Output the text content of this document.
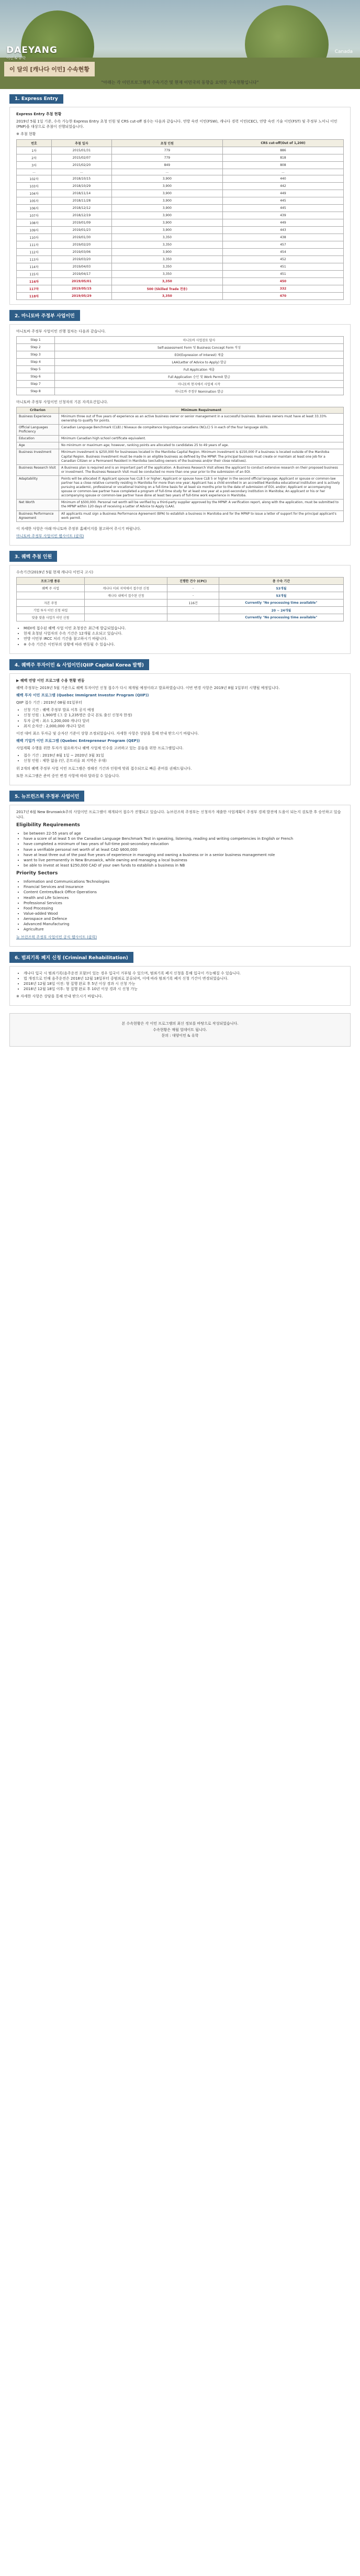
DAEYANG
이민 & 유학
Canada
이 달의 [캐나다 이민] 수속현황
"아래는 각 이민프로그램의 수속기간 및 현재 이민국의 동향을 요약한 수속현황입니다"
1. Express Entry

Express Entry 추첨 현황

2019년 5월 1일 기준, 수속 가능한 Express Entry 초청 인원 및 CRS cut-off 점수는 다음과 같습니다. 연방 숙련 이민(FSW), 캐나다 경력 이민(CEC), 연방 숙련 기술 이민(FST) 및 주정부 노미니 이민(PNP)을 대상으로 추첨이 진행되었습니다.

※ 추첨 현황

번호	추첨 일자	초청 인원	CRS cut-off(Out of 1,200)
1차	2015/01/31	779	886
2차	2015/02/07	779	818
3차	2015/02/20	849	808
...	...	...	...
102차	2018/10/15	3,900	440
103차	2018/10/29	3,900	442
104차	2018/11/14	3,900	449
105차	2018/11/28	3,900	445
106차	2018/12/12	3,900	445
107차	2018/12/19	3,900	439
108차	2019/01/09	3,900	449
109차	2019/01/23	3,900	443
110차	2019/01/30	3,350	438
111차	2019/02/20	3,350	457
112차	2019/03/06	3,900	454
113차	2019/03/20	3,350	452
114차	2019/04/03	3,350	451
115차	2019/04/17	3,350	451
116차	2019/05/01	3,350	450
117차	2019/05/15	500 (Skilled Trade 전용)	332
118차	2019/05/29	3,350	470
2. 마니토바 주정부 사업이민

마니토바 주정부 사업이민 진행 절차는 다음과 같습니다.

Step 1	마니토바 사업검토 답사
Step 2	Self-assessment Form 및 Business Concept Form 작성
Step 3	EOI(Expression of Interest) 제출
Step 4	LAA(Letter of Advice to Apply) 발급
Step 5	Full Application 제출
Step 6	Full Application 승인 및 Work Permit 발급
Step 7	마니토바 현지에서 사업체 시작
Step 8	마니토바 주정부 Nomination 발급

마니토바 주정부 사업이민 신청자의 기본 자격요건입니다.

Criterion	Minimum Requirement
Business Experience	Minimum three out of five years of experience as an active business owner or senior management in a successful business. Business owners must have at least 33.33% ownership to qualify for points.
Official Languages Proficiency	Canadian Language Benchmark (CLB) / Niveaux de compétence linguistique canadiens (NCLC) 5 in each of the four language skills.
Education	Minimum Canadian high school certificate equivalent.
Age	No minimum or maximum age; however, ranking points are allocated to candidates 25 to 49 years of age.
Business Investment	Minimum investment is $250,000 for businesses located in the Manitoba Capital Region. Minimum investment is $150,000 if a business is located outside of the Manitoba Capital Region. Business investment must be made in an eligible business as defined by the MPNP. The principal business must create or maintain at least one job for a Canadian Citizen or a Permanent Resident in Manitoba (excluding owners of the business and/or their close relatives).
Business Research Visit	A Business plan is required and is an important part of the application. A Business Research Visit allows the applicant to conduct extensive research on their proposed business or investment. The Business Research Visit must be conducted no more than one year prior to the submission of an EOI.
Adaptability	Points will be allocated if: Applicant spouse has CLB 5 or higher; Applicant or spouse have CLB 5 or higher in the second official language; Applicant or spouse or common-law partner has a close relative currently residing in Manitoba for more than one year; Applicant has a child enrolled in an accredited Manitoba educational institution and is actively pursuing academic, professional or vocational training on a full-time basis for at least six months prior to the date of submission of EOI, and/or; Applicant or accompanying spouse or common-law partner have completed a program of full-time study for at least one year at a post-secondary institution in Manitoba; An applicant or his or her accompanying spouse or common-law partner have done at least two years of full-time work experience in Manitoba.
Net Worth	Minimum of $500,000. Personal net worth will be verified by a third-party supplier approved by the MPNP. A verification report, along with the application, must be submitted to the MPNP within 120 days of receiving a Letter of Advice to Apply (LAA).
Business Performance Agreement	All applicants must sign a Business Performance Agreement (BPA) to establish a business in Manitoba and for the MPNP to issue a letter of support for the principal applicant's work permit.

이 자세한 사항은 아래 마니토바 주정부 홈페이지를 참고하여 주시기 바랍니다.

마니토바 주정부 사업이민 웹사이트 (클릭)

3. 퀘벡 추첨 인원

수속기간(2019년 5월 현재 캐나다 이민국 고시)

프로그램 종류		진행한 건수 (CPC)	총 수속 기간
퀘벡 주 사업	캐나다 이외 지역에서 접수된 신청	-	53개월
	캐나다 내에서 접수된 신청	-	53개월
자본 주정		116건	Currently "No processing time available"
기업 투자 이민 신청 파일			20 ~ 24개월
맞춤 맞춤 사업가 이민 신청			Currently "No processing time available"
• MIDI에 접수된 퀘벡 사업 이민 초청장은 최근에 발급되었습니다.
• 현재 초청된 사업자의 수속 기간은 12개월 소요되고 있습니다.
• 연방 이민부 IRCC 처리 기간을 참고하시기 바랍니다.
• ※ 수속 기간은 이민부의 상황에 따라 변동될 수 있습니다.
4. 퀘벡주 투자이민 & 사업이민(QIIP Capital Korea 발행)

▶ 퀘벡 연방 이민 프로그램 수용 현황 변동

퀘벡 주정부는 2019년 5월 기준으로 퀘벡 투자이민 신청 접수가 다시 재개될 예정이라고 발표하였습니다. 이번 변경 사항은 2019년 8월 1일부터 시행될 예정입니다.

퀘벡 투자 이민 프로그램 (Quebec Immigrant Investor Program (QIIP))

QIIP 접수 기간 : 2019년 08월 01일부터

• 신청 기간 : 퀘벡 주정부 발표 이후 공지 예정
• 신청 인원 : 1,900명 (그 중 1,235명은 중국 본토 출신 신청자 한정)
• 투자 금액 : 최소 1,200,000 캐나다 달러
• 최저 순자산 : 2,000,000 캐나다 달러

이전 대비 최소 투자금 및 순자산 기준이 상향 조정되었습니다. 자세한 사항은 상담을 통해 안내 받으시기 바랍니다.

퀘벡 기업가 이민 프로그램 (Quebec Entrepreneur Program (QEP))

사업계획 수행을 위한 투자가 필요하거나 퀘벡 사업체 인수를 고려하고 있는 분들을 위한 프로그램입니다.

• 접수 기간 : 2019년 8월 1일 ~ 2020년 3월 31일
• 신청 인원 : 제한 없음 (단, 몬트리올 외 지역은 우대)

위 2개의 퀘벡 주정부 사업 이민 프로그램은 정해진 기간과 인원에 맞춰 접수되므로 빠른 준비를 권해드립니다.

또한 프로그램은 준비 중인 변경 사항에 따라 달라질 수 있습니다.

5. 뉴브런즈윅 주정부 사업이민

2017년 6월 New Brunswick주의 사업이민 프로그램이 재개되어 접수가 진행되고 있습니다. 뉴브런즈윅 주정부는 신청자가 제출한 사업계획이 주정부 경제 발전에 도움이 되는지 검토한 후 승인하고 있습니다.

Eligibility Requirements

• be between 22-55 years of age
• have a score of at least 5 on the Canadian Language Benchmark Test in speaking, listening, reading and writing competencies in English or French
• have completed a minimum of two years of full-time post-secondary education
• have a verifiable personal net worth of at least CAD $600,000
• have at least three out of the past five years of experience in managing and owning a business or in a senior business management role
• want to live permanently in New Brunswick, while owning and managing a local business
• be able to invest at least $250,000 CAD of your own funds to establish a business in NB

Priority Sectors

• Information and Communications Technologies
• Financial Services and Insurance
• Content Centres/Back Office Operations
• Health and Life Sciences
• Professional Services
• Food Processing
• Value-added Wood
• Aerospace and Defence
• Advanced Manufacturing
• Agriculture

뉴 브런즈윅 주정부 사업이민 공식 웹사이트 (클릭)

6. 범죄기록 폐지 신청 (Criminal Rehabilitation)
• 캐나다 입국 시 범죄기록(음주운전 포함)이 있는 경우 입국이 거부될 수 있으며, 범죄기록 폐지 신청을 통해 입국이 가능해질 수 있습니다.
• 법 개정으로 인해 음주운전은 2018년 12월 18일부터 중범죄로 분류되며, 이에 따라 범죄기록 폐지 신청 기간이 변경되었습니다.
• 2018년 12월 18일 이전: 형 집행 완료 후 5년 이상 경과 시 신청 가능
• 2018년 12월 18일 이후: 형 집행 완료 후 10년 이상 경과 시 신청 가능

※ 자세한 사항은 상담을 통해 안내 받으시기 바랍니다.

본 수속현황은 각 이민 프로그램의 최신 정보를 바탕으로 작성되었습니다.
수속현황은 매월 업데이트 됩니다.
문의 : 대양이민 & 유학
